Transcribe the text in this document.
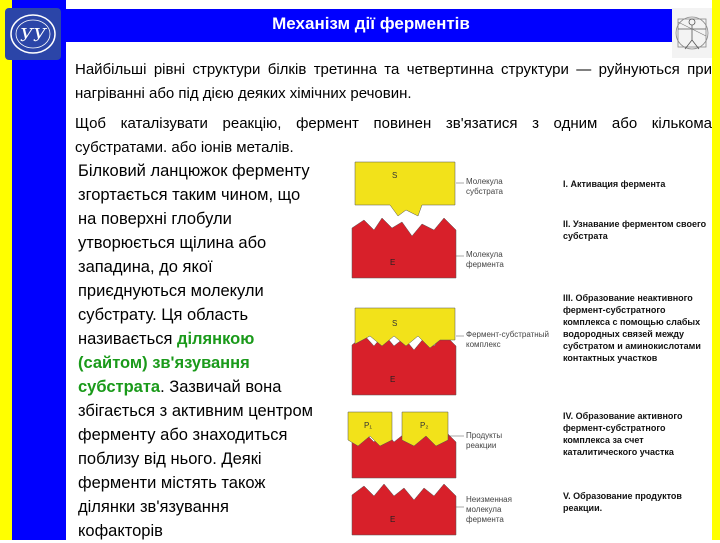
Механізм дії ферментів
УУ
Найбільші рівні структури білків третинна та четвертинна структури — руйнуються при нагріванні або під дією деяких хімічних речовин.
Щоб каталізувати реакцію, фермент повинен зв'язатися з одним або кількома субстратами. або іонів металів.
Білковий ланцюжок ферменту згортається таким чином, що на поверхні глобули утворюється щілина або западина, до якої приєднуються молекули субстрату. Ця область називається ділянкою (сайтом) зв'язування субстрата. Зазвичай вона збігається з активним центром ферменту або знаходиться поблизу від нього. Деякі ферменти містять також ділянки зв'язування кофакторів
S
E
S
E
P₁	P₂
E
Молекула субстрата
Молекула фермента
Фермент-субстратный комплекс
Продукты реакции
Неизменная молекула фермента
I. Активация фермента
II. Узнавание ферментом своего субстрата
III. Образование неактивного фермент-субстратного комплекса с помощью слабых водородных связей между субстратом и аминокислотами контактных участков
IV. Образование активного фермент-субстратного комплекса за счет каталитического участка
V. Образование продуктов реакции.
